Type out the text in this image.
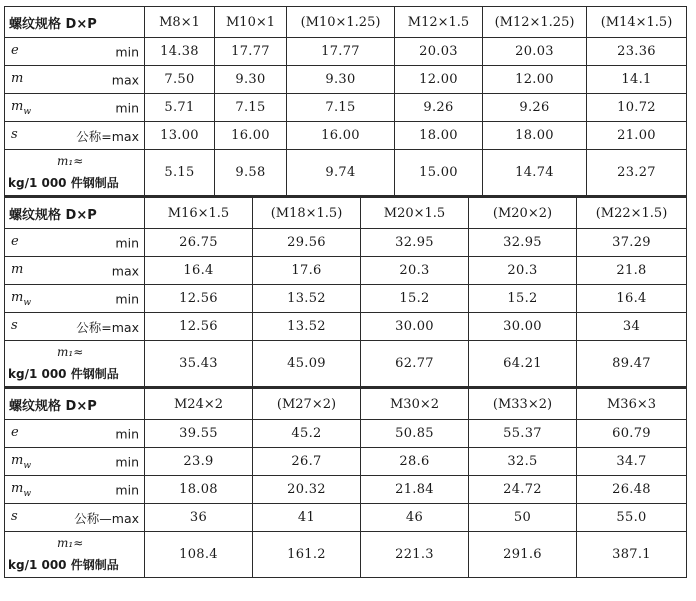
螺纹规格 D×P	M8×1	M10×1	(M10×1.25)	M12×1.5	(M12×1.25)	(M14×1.5)

e min	14.38	17.77	17.77	20.03	20.03	23.36

m max	7.50	9.30	9.30	12.00	12.00	14.1

$m_w$ min	5.71	7.15	7.15	9.26	9.26	10.72

s 公称=max	13.00	16.00	16.00	18.00	18.00	21.00

m₁≈
kg/1 000 件钢制品	5.15	9.58	9.74	15.00	14.74	23.27
螺纹规格 D×P	M16×1.5	(M18×1.5)	M20×1.5	(M20×2)	(M22×1.5)

e min	26.75	29.56	32.95	32.95	37.29

m max	16.4	17.6	20.3	20.3	21.8

$m_w$ min	12.56	13.52	15.2	15.2	16.4

s 公称=max	12.56	13.52	30.00	30.00	34

m₁≈
kg/1 000 件钢制品	35.43	45.09	62.77	64.21	89.47
螺纹规格 D×P	M24×2	(M27×2)	M30×2	(M33×2)	M36×3

e min	39.55	45.2	50.85	55.37	60.79

$m_w$ min	23.9	26.7	28.6	32.5	34.7

$m_w$ min	18.08	20.32	21.84	24.72	26.48

s 公称—max	36	41	46	50	55.0

m₁≈
kg/1 000 件钢制品	108.4	161.2	221.3	291.6	387.1
